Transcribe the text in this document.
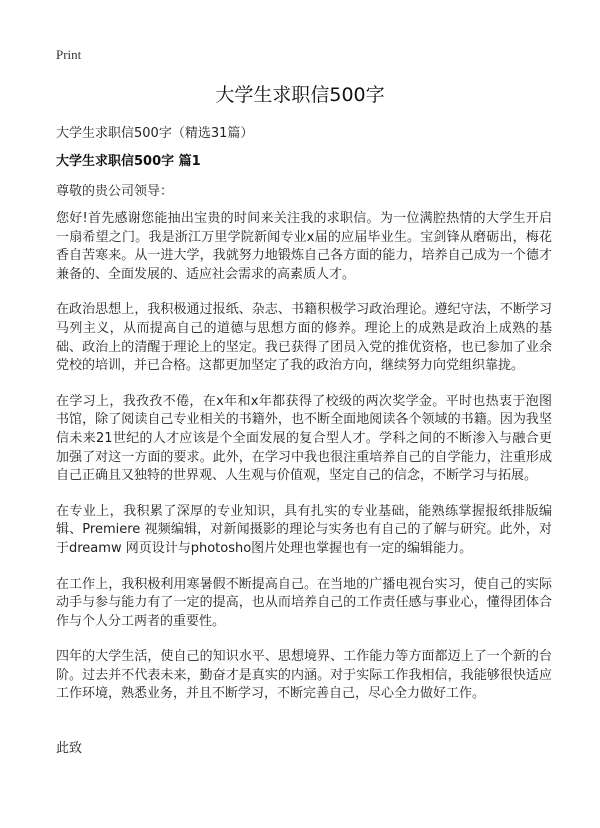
Print
大学生求职信500字
大学生求职信500字（精选31篇）
大学生求职信500字 篇1
尊敬的贵公司领导：

您好!首先感谢您能抽出宝贵的时间来关注我的求职信。为一位满腔热情的大学生开启一扇希望之门。我是浙江万里学院新闻专业x届的应届毕业生。宝剑锋从磨砺出，梅花香自苦寒来。从一进大学，我就努力地锻炼自己各方面的能力，培养自己成为一个德才兼备的、全面发展的、适应社会需求的高素质人才。

在政治思想上，我积极通过报纸、杂志、书籍积极学习政治理论。遵纪守法，不断学习马列主义，从而提高自己的道德与思想方面的修养。理论上的成熟是政治上成熟的基础、政治上的清醒于理论上的坚定。我已获得了团员入党的推优资格，也已参加了业余党校的培训，并已合格。这都更加坚定了我的政治方向，继续努力向党组织靠拢。

在学习上，我孜孜不倦，在x年和x年都获得了校级的两次奖学金。平时也热衷于泡图书馆，除了阅读自己专业相关的书籍外，也不断全面地阅读各个领域的书籍。因为我坚信未来21世纪的人才应该是个全面发展的复合型人才。学科之间的不断渗入与融合更加强了对这一方面的要求。此外，在学习中我也很注重培养自己的自学能力，注重形成自己正确且又独特的世界观、人生观与价值观，坚定自己的信念，不断学习与拓展。

在专业上，我积累了深厚的专业知识，具有扎实的专业基础，能熟练掌握报纸排版编辑、Premiere 视频编辑，对新闻摄影的理论与实务也有自己的了解与研究。此外，对于dreamw 网页设计与photosho图片处理也掌握也有一定的编辑能力。

在工作上，我积极利用寒暑假不断提高自己。在当地的广播电视台实习，使自己的实际动手与参与能力有了一定的提高，也从而培养自己的工作责任感与事业心，懂得团体合作与个人分工两者的重要性。

四年的大学生活，使自己的知识水平、思想境界、工作能力等方面都迈上了一个新的台阶。过去并不代表未来，勤奋才是真实的内涵。对于实际工作我相信，我能够很快适应工作环境，熟悉业务，并且不断学习，不断完善自己，尽心全力做好工作。

此致
